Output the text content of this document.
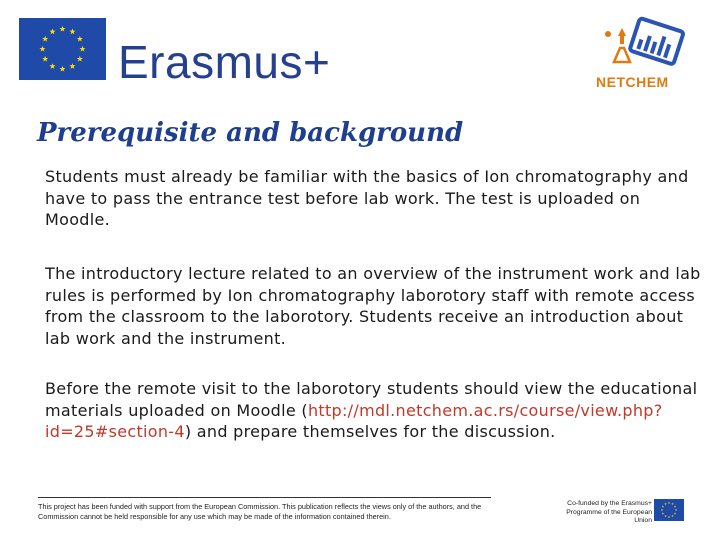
Erasmus+	NETCHEM
Prerequisite and background

Students must already be familiar with the basics of Ion chromatography and have to pass the entrance test before lab work. The test is uploaded on Moodle.

The introductory lecture related to an overview of the instrument work and lab rules is performed by Ion chromatography laborotory staff with remote access from the classroom to the laborotory. Students receive an introduction about lab work and the instrument.

Before the remote visit to the laborotory students should view the educational materials uploaded on Moodle (http://mdl.netchem.ac.rs/course/view.php?id=25#section-4) and prepare themselves for the discussion.

This project has been funded with support from the European Commission. This publication reflects the views only of the authors, and the Commission cannot be held responsible for any use which may be made of the information contained therein.
Co-funded by the Erasmus+ Programme of the European Union
